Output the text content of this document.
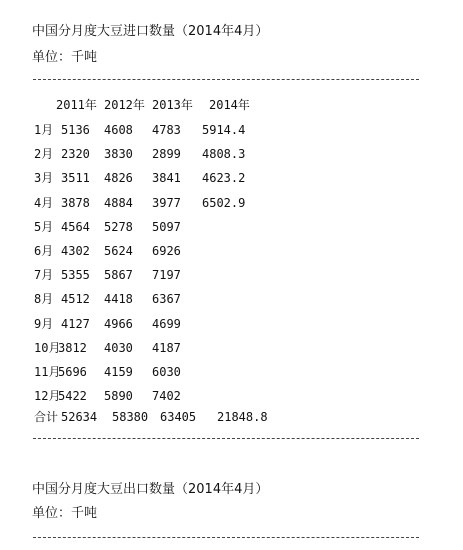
中国分月度大豆进口数量（2014年4月）
单位：千吨

2011年

2012年

2013年

2014年

1月 5136 4608 4783 5914.4
2月 2320 3830 2899 4808.3
3月 3511 4826 3841 4623.2
4月 3878 4884 3977 6502.9
5月 4564 5278 5097
6月 4302 5624 6926
7月 5355 5867 7197
8月 4512 4418 6367
9月 4127 4966 4699
10月
3812 4030 4187
11月
5696 4159 6030
12月
5422 5890 7402
合计 52634 58380 63405 21848.8
中国分月度大豆出口数量（2014年4月）
单位：千吨
